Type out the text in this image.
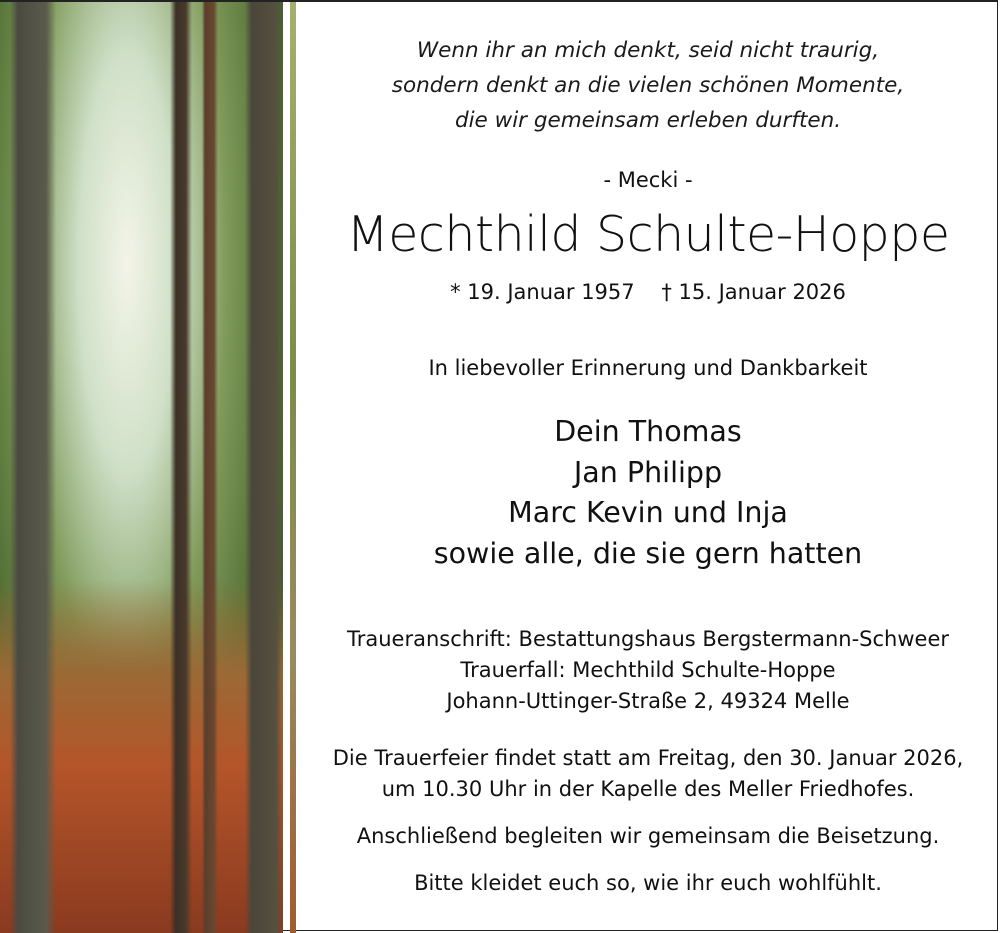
Wenn ihr an mich denkt, seid nicht traurig,
sondern denkt an die vielen schönen Momente,
die wir gemeinsam erleben durften.
- Mecki -
Mechthild Schulte-Hoppe
* 19. Januar 1957 † 15. Januar 2026
In liebevoller Erinnerung und Dankbarkeit
Dein Thomas
Jan Philipp
Marc Kevin und Inja
sowie alle, die sie gern hatten
Traueranschrift: Bestattungshaus Bergstermann-Schweer
Trauerfall: Mechthild Schulte-Hoppe
Johann-Uttinger-Straße 2, 49324 Melle
Die Trauerfeier findet statt am Freitag, den 30. Januar 2026,
um 10.30 Uhr in der Kapelle des Meller Friedhofes.
Anschließend begleiten wir gemeinsam die Beisetzung.
Bitte kleidet euch so, wie ihr euch wohlfühlt.
